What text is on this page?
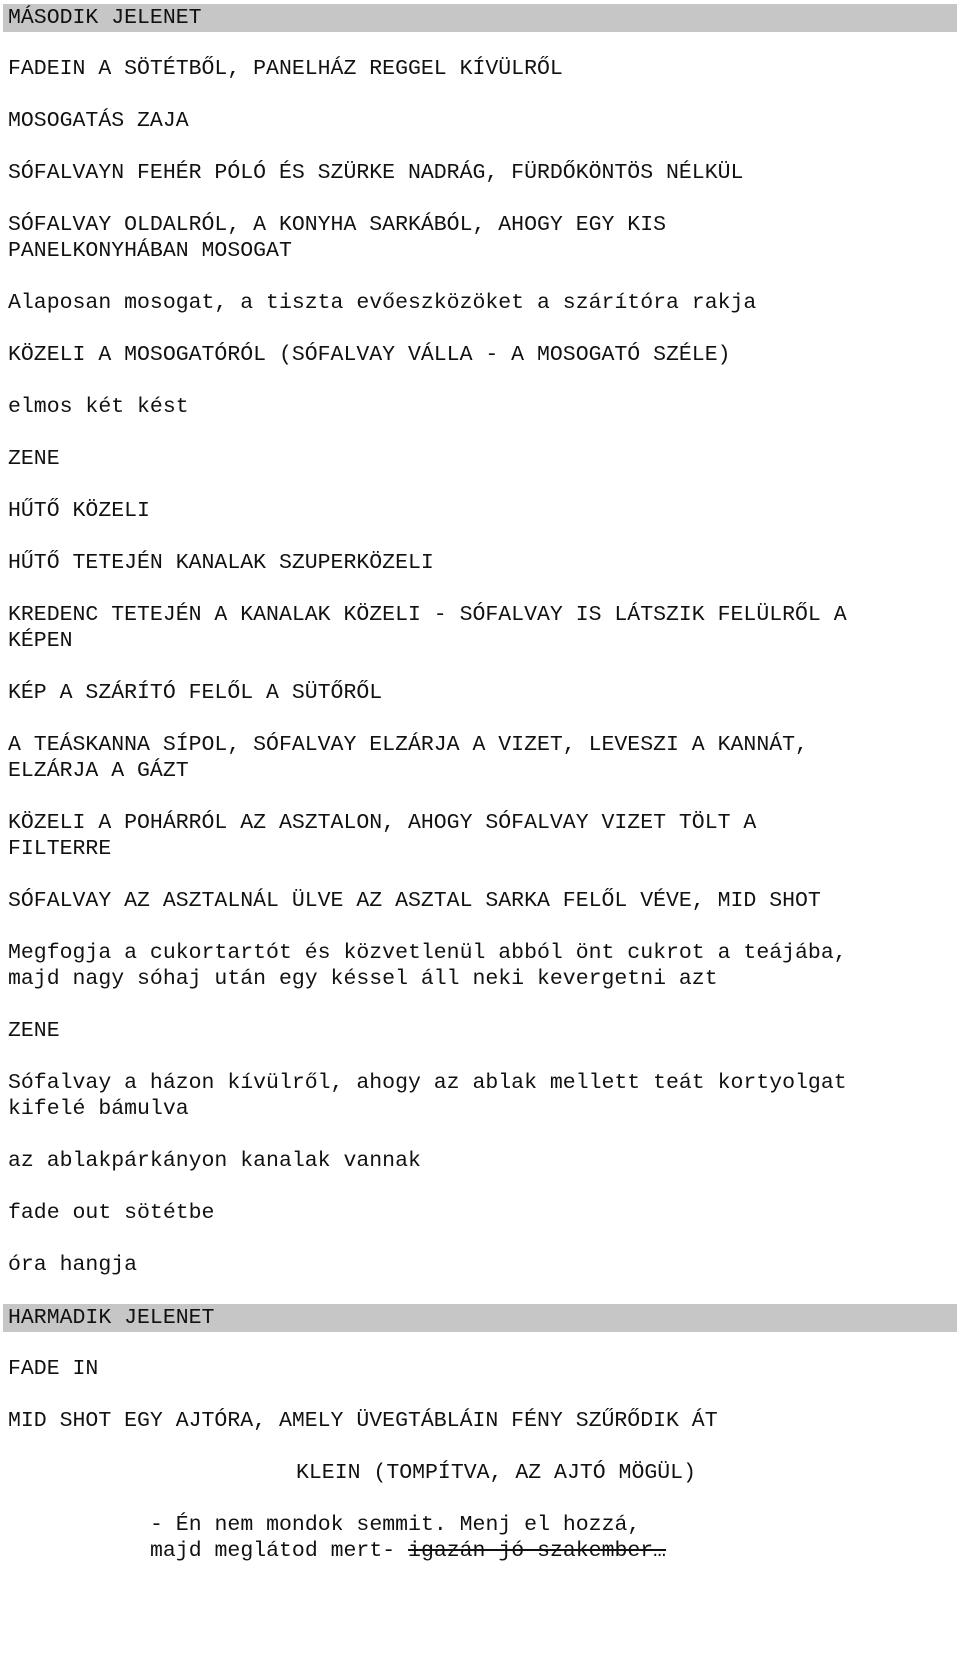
MÁSODIK JELENET
FADEIN A SÖTÉTBŐL, PANELHÁZ REGGEL KÍVÜLRŐL
MOSOGATÁS ZAJA
SÓFALVAYN FEHÉR PÓLÓ ÉS SZÜRKE NADRÁG, FÜRDŐKÖNTÖS NÉLKÜL
SÓFALVAY OLDALRÓL, A KONYHA SARKÁBÓL, AHOGY EGY KIS
PANELKONYHÁBAN MOSOGAT
Alaposan mosogat, a tiszta evőeszközöket a szárítóra rakja
KÖZELI A MOSOGATÓRÓL (SÓFALVAY VÁLLA - A MOSOGATÓ SZÉLE)
elmos két kést
ZENE
HŰTŐ KÖZELI
HŰTŐ TETEJÉN KANALAK SZUPERKÖZELI
KREDENC TETEJÉN A KANALAK KÖZELI - SÓFALVAY IS LÁTSZIK FELÜLRŐL A
KÉPEN
KÉP A SZÁRÍTÓ FELŐL A SÜTŐRŐL
A TEÁSKANNA SÍPOL, SÓFALVAY ELZÁRJA A VIZET, LEVESZI A KANNÁT,
ELZÁRJA A GÁZT
KÖZELI A POHÁRRÓL AZ ASZTALON, AHOGY SÓFALVAY VIZET TÖLT A
FILTERRE
SÓFALVAY AZ ASZTALNÁL ÜLVE AZ ASZTAL SARKA FELŐL VÉVE, MID SHOT
Megfogja a cukortartót és közvetlenül abból önt cukrot a teájába,
majd nagy sóhaj után egy késsel áll neki kevergetni azt
ZENE
Sófalvay a házon kívülről, ahogy az ablak mellett teát kortyolgat
kifelé bámulva
az ablakpárkányon kanalak vannak
fade out sötétbe
óra hangja
HARMADIK JELENET
FADE IN
MID SHOT EGY AJTÓRA, AMELY ÜVEGTÁBLÁIN FÉNY SZŰRŐDIK ÁT
KLEIN (TOMPÍTVA, AZ AJTÓ MÖGÜL)
- Én nem mondok semmit. Menj el hozzá,
majd meglátod mert- igazán jó szakember…
